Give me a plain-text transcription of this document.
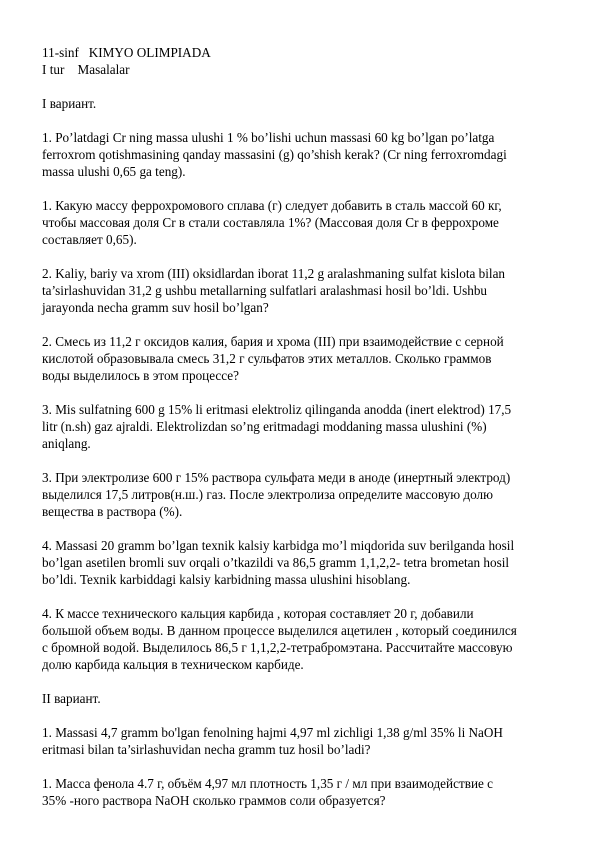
11-sinf   KIMYO OLIMPIADA

I tur    Masalalar

I вариант.

1. Po’latdagi Cr ning massa ulushi 1 % bo’lishi uchun massasi 60 kg bo’lgan po’latga

ferroxrom qotishmasining qanday massasini (g) qo’shish kerak? (Cr ning ferroxromdagi

massa ulushi 0,65 ga teng).

1. Какую массу феррохромового сплава (г) следует добавить в сталь массой 60 кг,

чтобы массовая доля Cr в стали составляла 1%? (Массовая доля Cr в феррохроме

составляет 0,65).

2. Kaliy, bariy va xrom (III) oksidlardan iborat 11,2 g aralashmaning sulfat kislota bilan

ta’sirlashuvidan 31,2 g ushbu metallarning sulfatlari aralashmasi hosil bo’ldi. Ushbu

jarayonda necha gramm suv hosil bo’lgan?

2. Смесь из 11,2 г оксидов калия, бария и хрома (III) при взаимодействие с серной

кислотой образовывала смесь 31,2 г сульфатов этих металлов. Сколько граммов

воды выделилось в этом процессе?

3. Mis sulfatning 600 g 15% li eritmasi elektroliz qilinganda anodda (inert elektrod) 17,5

litr (n.sh) gaz ajraldi. Elektrolizdan so’ng eritmadagi moddaning massa ulushini (%)

aniqlang.

3. При электролизе 600 г 15% раствора сульфата меди в аноде (инертный электрод)

выделился 17,5 литров(н.ш.) газ. После электролиза определите массовую долю

вещества в раствора (%).

4. Massasi 20 gramm bo’lgan texnik kalsiy karbidga mo’l miqdorida suv berilganda hosil

bo’lgan asetilen bromli suv orqali o’tkazildi va 86,5 gramm 1,1,2,2- tetra brometan hosil

bo’ldi. Texnik karbiddagi kalsiy karbidning massa ulushini hisoblang.

4. К массе технического кальция карбида , которая составляет 20 г, добавили

большой объем воды. В данном процессе выделился ацетилен , который соединился

с бромной водой. Выделилось 86,5 г 1,1,2,2-тетрабромэтана. Рассчитайте массовую

долю карбида кальция в техническом карбиде.

II вариант.

1. Massasi 4,7 gramm bo'lgan fenolning hajmi 4,97 ml zichligi 1,38 g/ml 35% li NaOH

eritmasi bilan ta’sirlashuvidan necha gramm tuz hosil bo’ladi?

1. Масса фенола 4.7 г, объём 4,97 мл плотность 1,35 г / мл при взаимодействие с

35% -ного раствора NaOH сколько граммов соли образуется?
